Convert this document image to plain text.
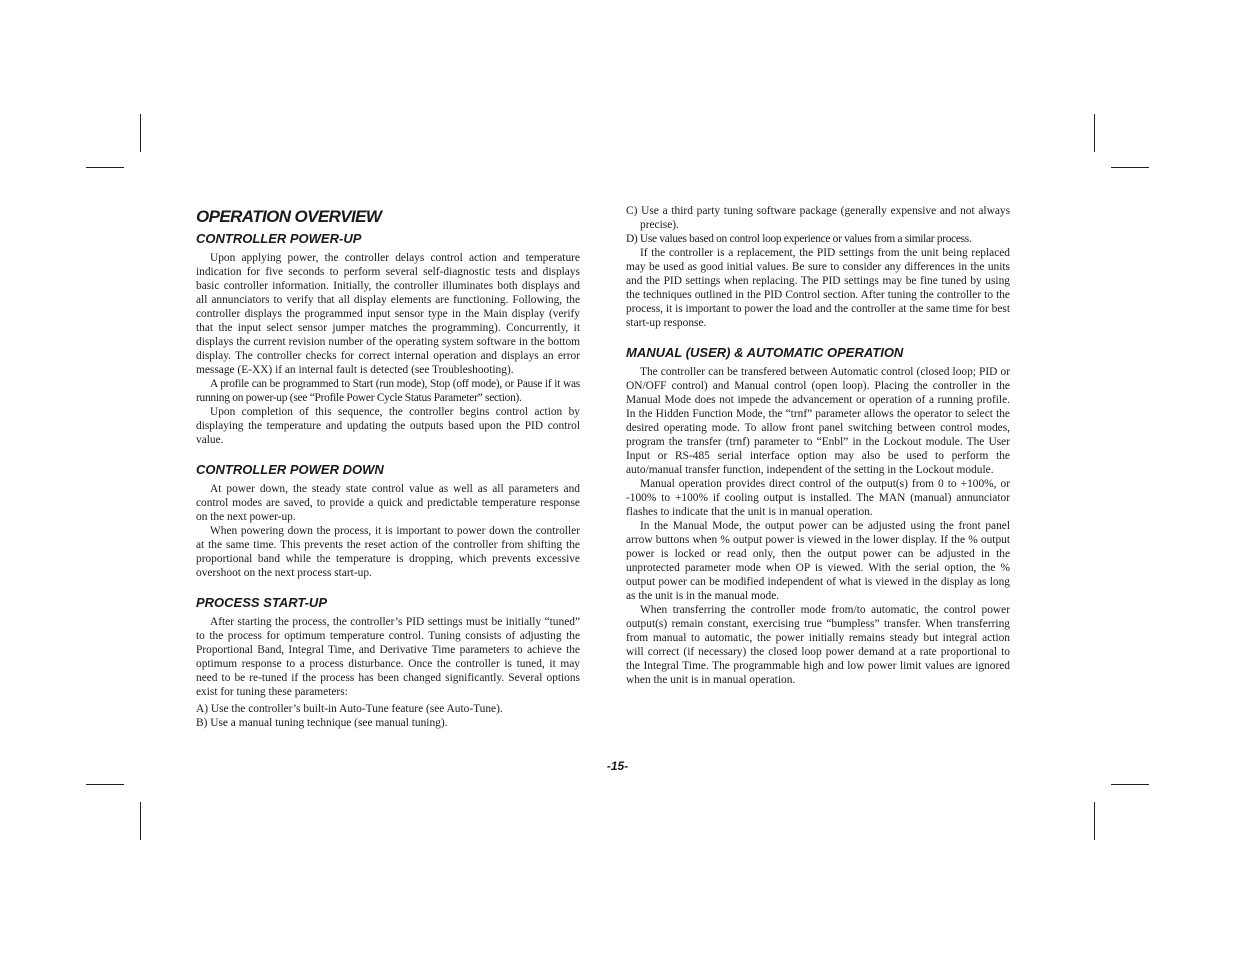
OPERATION OVERVIEW
CONTROLLER POWER-UP

Upon applying power, the controller delays control action and temperature indication for five seconds to perform several self-diagnostic tests and displays basic controller information. Initially, the controller illuminates both displays and all annunciators to verify that all display elements are functioning. Following, the controller displays the programmed input sensor type in the Main display (verify that the input select sensor jumper matches the programming). Concurrently, it displays the current revision number of the operating system software in the bottom display. The controller checks for correct internal operation and displays an error message (E-XX) if an internal fault is detected (see Troubleshooting).

A profile can be programmed to Start (run mode), Stop (off mode), or Pause if it was running on power-up (see “Profile Power Cycle Status Parameter” section).

Upon completion of this sequence, the controller begins control action by displaying the temperature and updating the outputs based upon the PID control value.

CONTROLLER POWER DOWN

At power down, the steady state control value as well as all parameters and control modes are saved, to provide a quick and predictable temperature response on the next power-up.

When powering down the process, it is important to power down the controller at the same time. This prevents the reset action of the controller from shifting the proportional band while the temperature is dropping, which prevents excessive overshoot on the next process start-up.

PROCESS START-UP

After starting the process, the controller’s PID settings must be initially “tuned” to the process for optimum temperature control. Tuning consists of adjusting the Proportional Band, Integral Time, and Derivative Time parameters to achieve the optimum response to a process disturbance. Once the controller is tuned, it may need to be re-tuned if the process has been changed significantly. Several options exist for tuning these parameters:

A) Use the controller’s built-in Auto-Tune feature (see Auto-Tune).

B) Use a manual tuning technique (see manual tuning).

C) Use a third party tuning software package (generally expensive and not always precise).

D) Use values based on control loop experience or values from a similar process.

If the controller is a replacement, the PID settings from the unit being replaced may be used as good initial values. Be sure to consider any differences in the units and the PID settings when replacing. The PID settings may be fine tuned by using the techniques outlined in the PID Control section. After tuning the controller to the process, it is important to power the load and the controller at the same time for best start-up response.

MANUAL (USER) & AUTOMATIC OPERATION

The controller can be transfered between Automatic control (closed loop; PID or ON/OFF control) and Manual control (open loop). Placing the controller in the Manual Mode does not impede the advancement or operation of a running profile. In the Hidden Function Mode, the “trnf” parameter allows the operator to select the desired operating mode. To allow front panel switching between control modes, program the transfer (trnf) parameter to “Enbl” in the Lockout module. The User Input or RS-485 serial interface option may also be used to perform the auto/manual transfer function, independent of the setting in the Lockout module.

Manual operation provides direct control of the output(s) from 0 to +100%, or -100% to +100% if cooling output is installed. The MAN (manual) annunciator flashes to indicate that the unit is in manual operation.

In the Manual Mode, the output power can be adjusted using the front panel arrow buttons when % output power is viewed in the lower display. If the % output power is locked or read only, then the output power can be adjusted in the unprotected parameter mode when OP is viewed. With the serial option, the % output power can be modified independent of what is viewed in the display as long as the unit is in the manual mode.

When transferring the controller mode from/to automatic, the control power output(s) remain constant, exercising true “bumpless” transfer. When transferring from manual to automatic, the power initially remains steady but integral action will correct (if necessary) the closed loop power demand at a rate proportional to the Integral Time. The programmable high and low power limit values are ignored when the unit is in manual operation.

-15-
